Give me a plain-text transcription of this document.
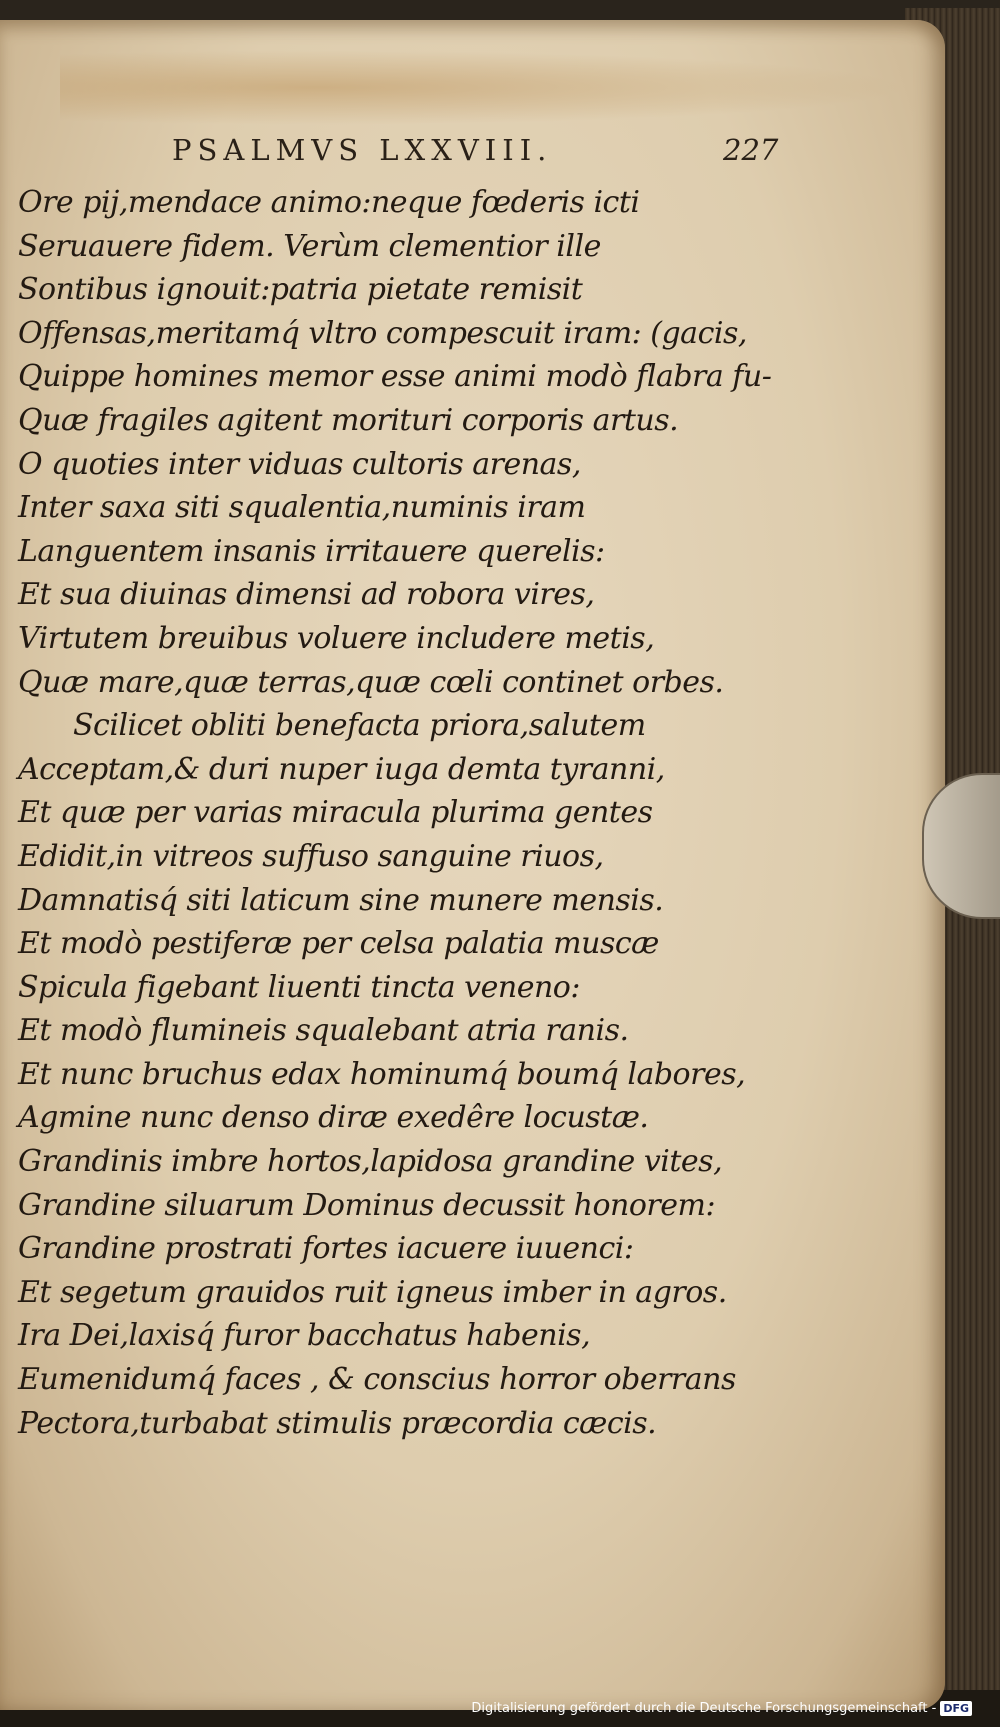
PSALMVS LXXVIII.	227
Ore pij,mendace animo:neque fœderis icti
Seruauere fidem. Verùm clementior ille
Sontibus ignouit:patria pietate remisit
Offensas,meritamq́ vltro compescuit iram: (gacis,
Quippe homines memor esse animi modò flabra fu-
Quæ fragiles agitent morituri corporis artus.
O quoties inter viduas cultoris arenas,
Inter saxa siti squalentia,numinis iram
Languentem insanis irritauere querelis:
Et sua diuinas dimensi ad robora vires,
Virtutem breuibus voluere includere metis,
Quæ mare,quæ terras,quæ cœli continet orbes.
Scilicet obliti benefacta priora,salutem
Acceptam,& duri nuper iuga demta tyranni,
Et quæ per varias miracula plurima gentes
Edidit,in vitreos suffuso sanguine riuos,
Damnatisq́ siti laticum sine munere mensis.
Et modò pestiferæ per celsa palatia muscæ
Spicula figebant liuenti tincta veneno:
Et modò flumineis squalebant atria ranis.
Et nunc bruchus edax hominumq́ boumq́ labores,
Agmine nunc denso diræ exedêre locustæ.
Grandinis imbre hortos,lapidosa grandine vites,
Grandine siluarum Dominus decussit honorem:
Grandine prostrati fortes iacuere iuuenci:
Et segetum grauidos ruit igneus imber in agros.
Ira Dei,laxisq́ furor bacchatus habenis,
Eumenidumq́ faces , & conscius horror oberrans
Pectora,turbabat stimulis præcordia cæcis.
Digitalisierung gefördert durch die Deutsche Forschungsgemeinschaft - DFG
